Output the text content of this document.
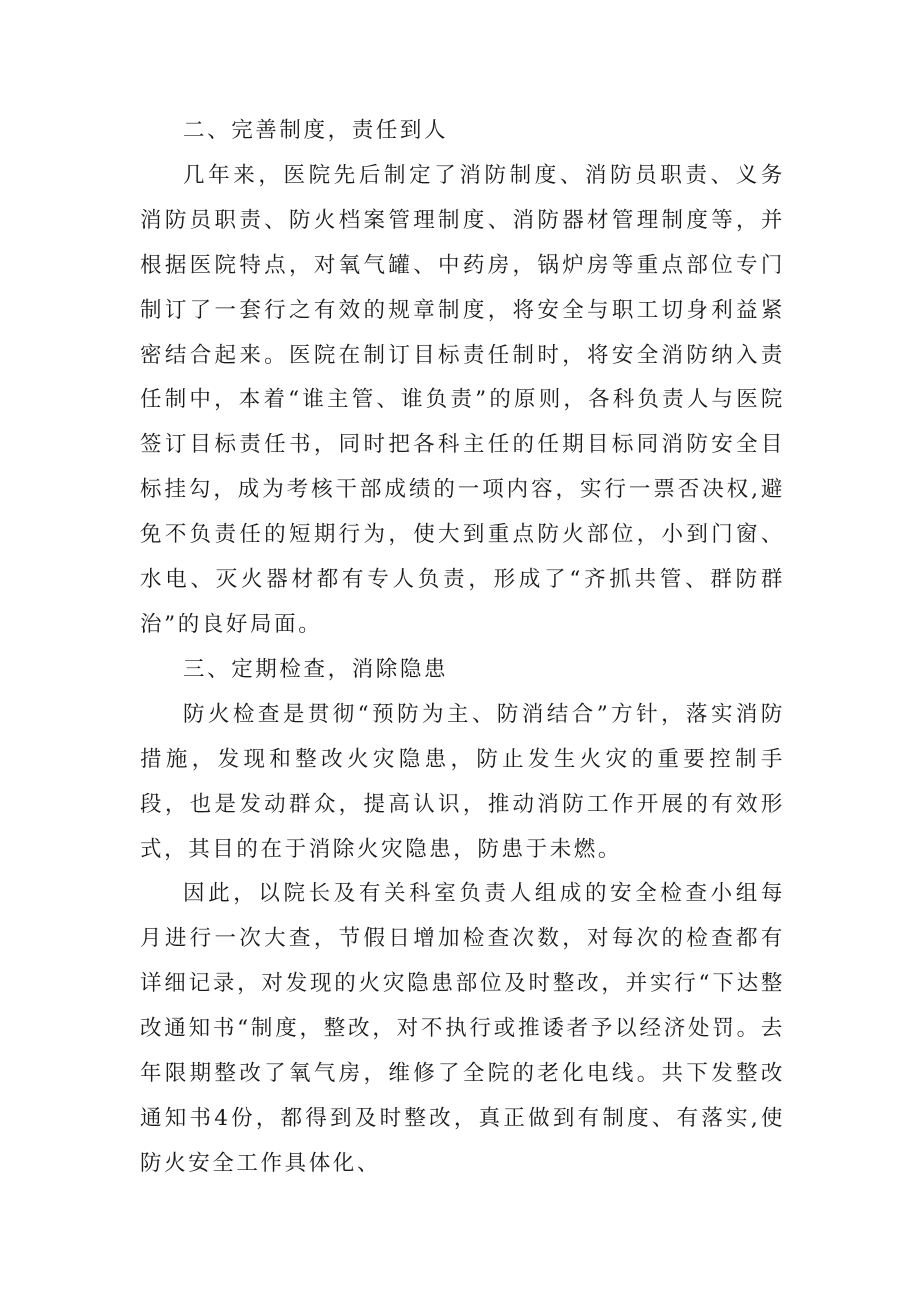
二、完善制度，责任到人

几年来，医院先后制定了消防制度、消防员职责、义务消防员职责、防火档案管理制度、消防器材管理制度等，并根据医院特点，对氧气罐、中药房，锅炉房等重点部位专门制订了一套行之有效的规章制度，将安全与职工切身利益紧密结合起来。医院在制订目标责任制时，将安全消防纳入责任制中，本着“谁主管、谁负责”的原则，各科负责人与医院签订目标责任书，同时把各科主任的任期目标同消防安全目标挂勾，成为考核干部成绩的一项内容，实行一票否决权,避免不负责任的短期行为，使大到重点防火部位，小到门窗、水电、灭火器材都有专人负责，形成了“齐抓共管、群防群治”的良好局面。

三、定期检查，消除隐患

防火检查是贯彻“预防为主、防消结合”方针，落实消防措施，发现和整改火灾隐患，防止发生火灾的重要控制手段，也是发动群众，提高认识，推动消防工作开展的有效形式，其目的在于消除火灾隐患，防患于未燃。

因此，以院长及有关科室负责人组成的安全检查小组每月进行一次大查，节假日增加检查次数，对每次的检查都有详细记录，对发现的火灾隐患部位及时整改，并实行“下达整改通知书“制度，整改，对不执行或推诿者予以经济处罚。去年限期整改了氧气房，维修了全院的老化电线。共下发整改通知书4份，都得到及时整改，真正做到有制度、有落实,使防火安全工作具体化、
